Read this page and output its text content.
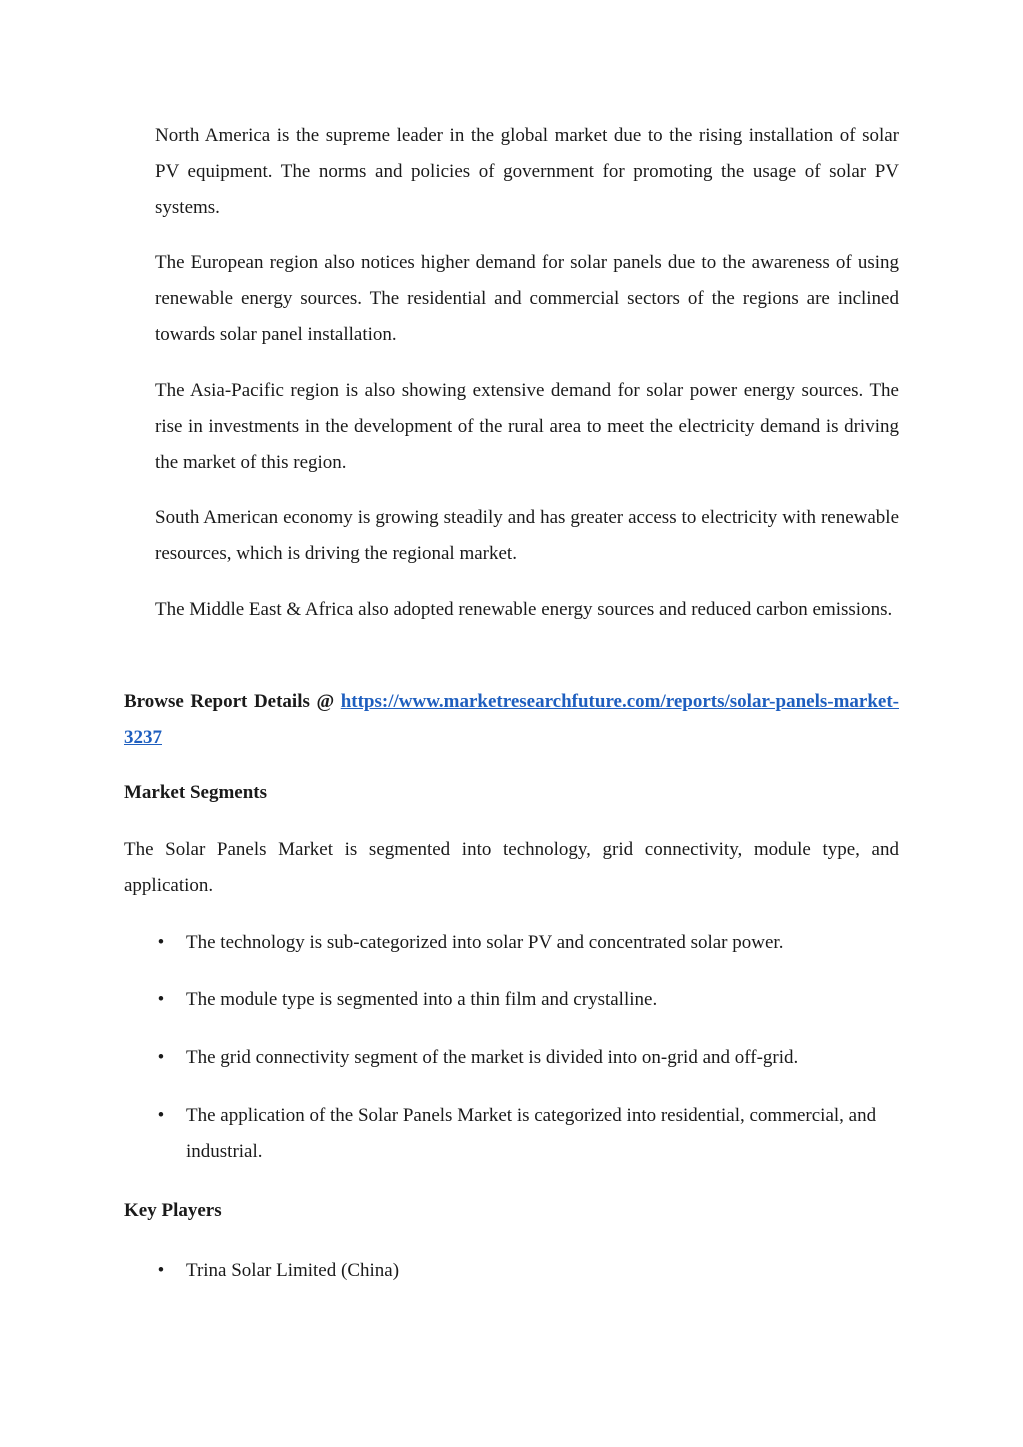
North America is the supreme leader in the global market due to the rising installation of solar PV equipment. The norms and policies of government for promoting the usage of solar PV systems.

The European region also notices higher demand for solar panels due to the awareness of using renewable energy sources. The residential and commercial sectors of the regions are inclined towards solar panel installation.

The Asia-Pacific region is also showing extensive demand for solar power energy sources. The rise in investments in the development of the rural area to meet the electricity demand is driving the market of this region.

South American economy is growing steadily and has greater access to electricity with renewable resources, which is driving the regional market.

The Middle East & Africa also adopted renewable energy sources and reduced carbon emissions.

Browse Report Details @ https://www.marketresearchfuture.com/reports/solar-panels-market-3237

Market Segments

The Solar Panels Market is segmented into technology, grid connectivity, module type, and application.

• The technology is sub-categorized into solar PV and concentrated solar power.
• The module type is segmented into a thin film and crystalline.
• The grid connectivity segment of the market is divided into on-grid and off-grid.
• The application of the Solar Panels Market is categorized into residential, commercial, and industrial.

Key Players

• Trina Solar Limited (China)
